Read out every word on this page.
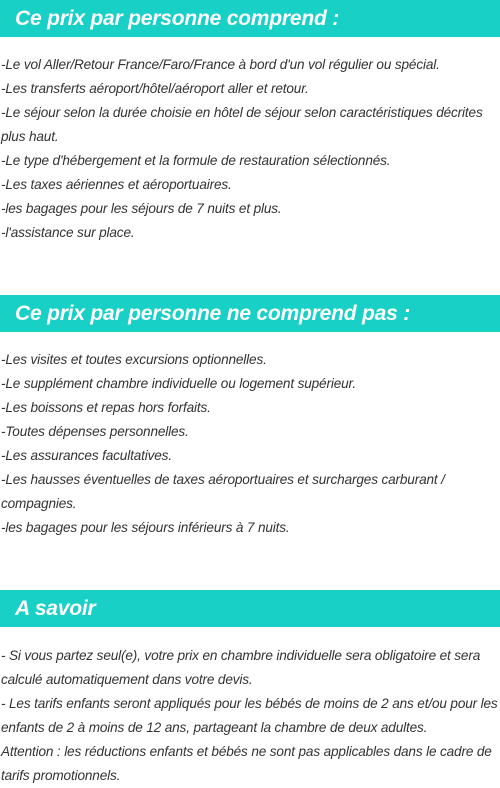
Ce prix par personne comprend :
-Le vol Aller/Retour France/Faro/France à bord d'un vol régulier ou spécial.
-Les transferts aéroport/hôtel/aéroport aller et retour.
-Le séjour selon la durée choisie en hôtel de séjour selon caractéristiques décrites plus haut.
-Le type d'hébergement et la formule de restauration sélectionnés.
-Les taxes aériennes et aéroportuaires.
-les bagages pour les séjours de 7 nuits et plus.
-l'assistance sur place.
Ce prix par personne ne comprend pas :
-Les visites et toutes excursions optionnelles.
-Le supplément chambre individuelle ou logement supérieur.
-Les boissons et repas hors forfaits.
-Toutes dépenses personnelles.
-Les assurances facultatives.
-Les hausses éventuelles de taxes aéroportuaires et surcharges carburant / compagnies.
-les bagages pour les séjours inférieurs à 7 nuits.
A savoir
- Si vous partez seul(e), votre prix en chambre individuelle sera obligatoire et sera calculé automatiquement dans votre devis.
- Les tarifs enfants seront appliqués pour les bébés de moins de 2 ans et/ou pour les enfants de 2 à moins de 12 ans, partageant la chambre de deux adultes.
Attention : les réductions enfants et bébés ne sont pas applicables dans le cadre de tarifs promotionnels.
